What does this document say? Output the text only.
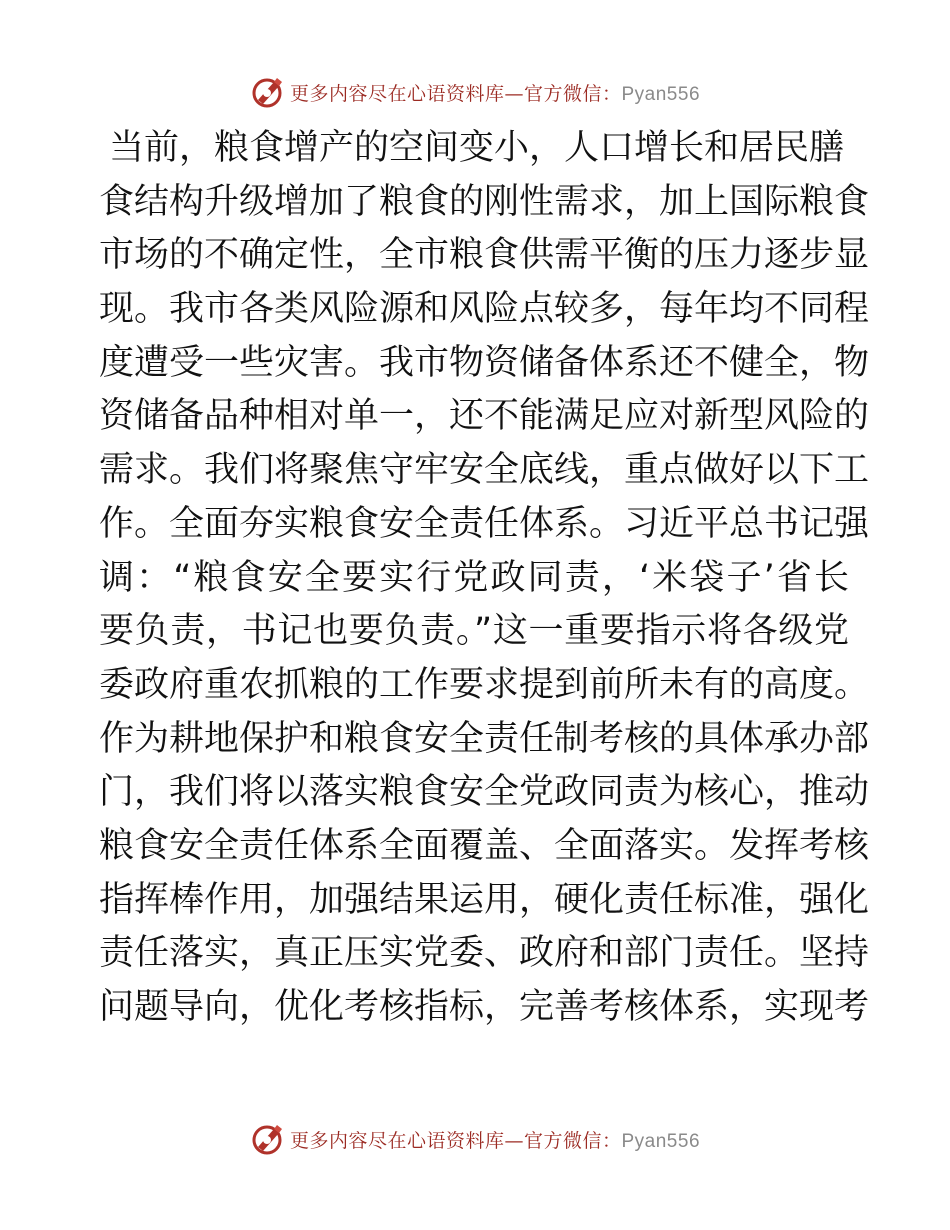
更多内容尽在心语资料库—官方微信：Pyan556
当前，粮食增产的空间变小，人口增长和居民膳
食结构升级增加了粮食的刚性需求，加上国际粮食
市场的不确定性，全市粮食供需平衡的压力逐步显
现。我市各类风险源和风险点较多，每年均不同程
度遭受一些灾害。我市物资储备体系还不健全，物
资储备品种相对单一，还不能满足应对新型风险的
需求。我们将聚焦守牢安全底线，重点做好以下工
作。全面夯实粮食安全责任体系。习近平总书记强
调：“粮食安全要实行党政同责，‘米袋子’省长
要负责，书记也要负责。”这一重要指示将各级党
委政府重农抓粮的工作要求提到前所未有的高度。
作为耕地保护和粮食安全责任制考核的具体承办部
门，我们将以落实粮食安全党政同责为核心，推动
粮食安全责任体系全面覆盖、全面落实。发挥考核
指挥棒作用，加强结果运用，硬化责任标准，强化
责任落实，真正压实党委、政府和部门责任。坚持
问题导向，优化考核指标，完善考核体系，实现考
更多内容尽在心语资料库—官方微信：Pyan556
